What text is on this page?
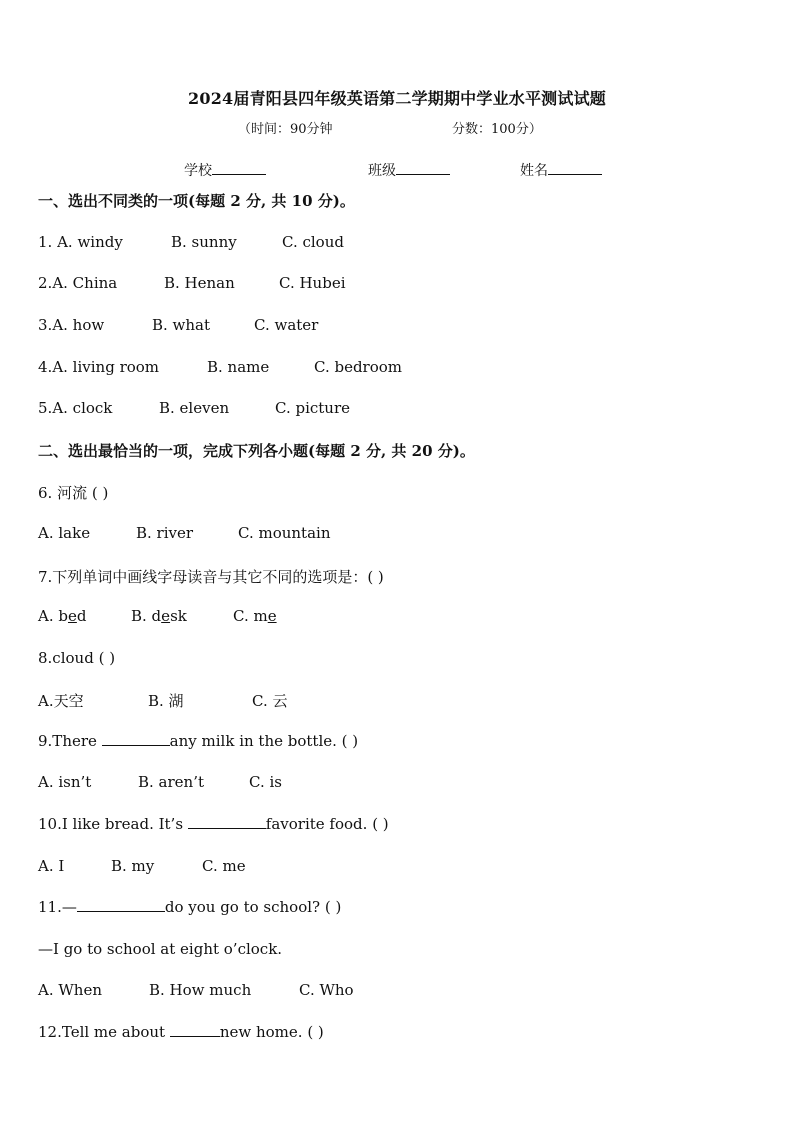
2024届青阳县四年级英语第二学期期中学业水平测试试题
（时间：90分钟	分数：100分）
学校	班级	姓名
一、选出不同类的一项(每题 2 分, 共 10 分)。
1. A. windy	B. sunny	C. cloud
2.A. China	B. Henan	C. Hubei
3.A. how	B. what	C. water
4.A. living room	B. name	C. bedroom
5.A. clock	B. eleven	C. picture
二、选出最恰当的一项，完成下列各小题(每题 2 分, 共 20 分)。
6. 河流 ( )
A. lake	B. river	C. mountain
7.下列单词中画线字母读音与其它不同的选项是：( )
A. bed	B. desk	C. me
8.cloud ( )
A.天空	B. 湖	C. 云
9.There	any milk in the bottle. ( )
A. isn’t	B. aren’t	C. is
10.I like bread. It’s	favorite food. ( )
A. I	B. my	C. me
11.—	do you go to school? ( )
—I go to school at eight o’clock.
A. When	B. How much	C. Who
12.Tell me about	new home. ( )
